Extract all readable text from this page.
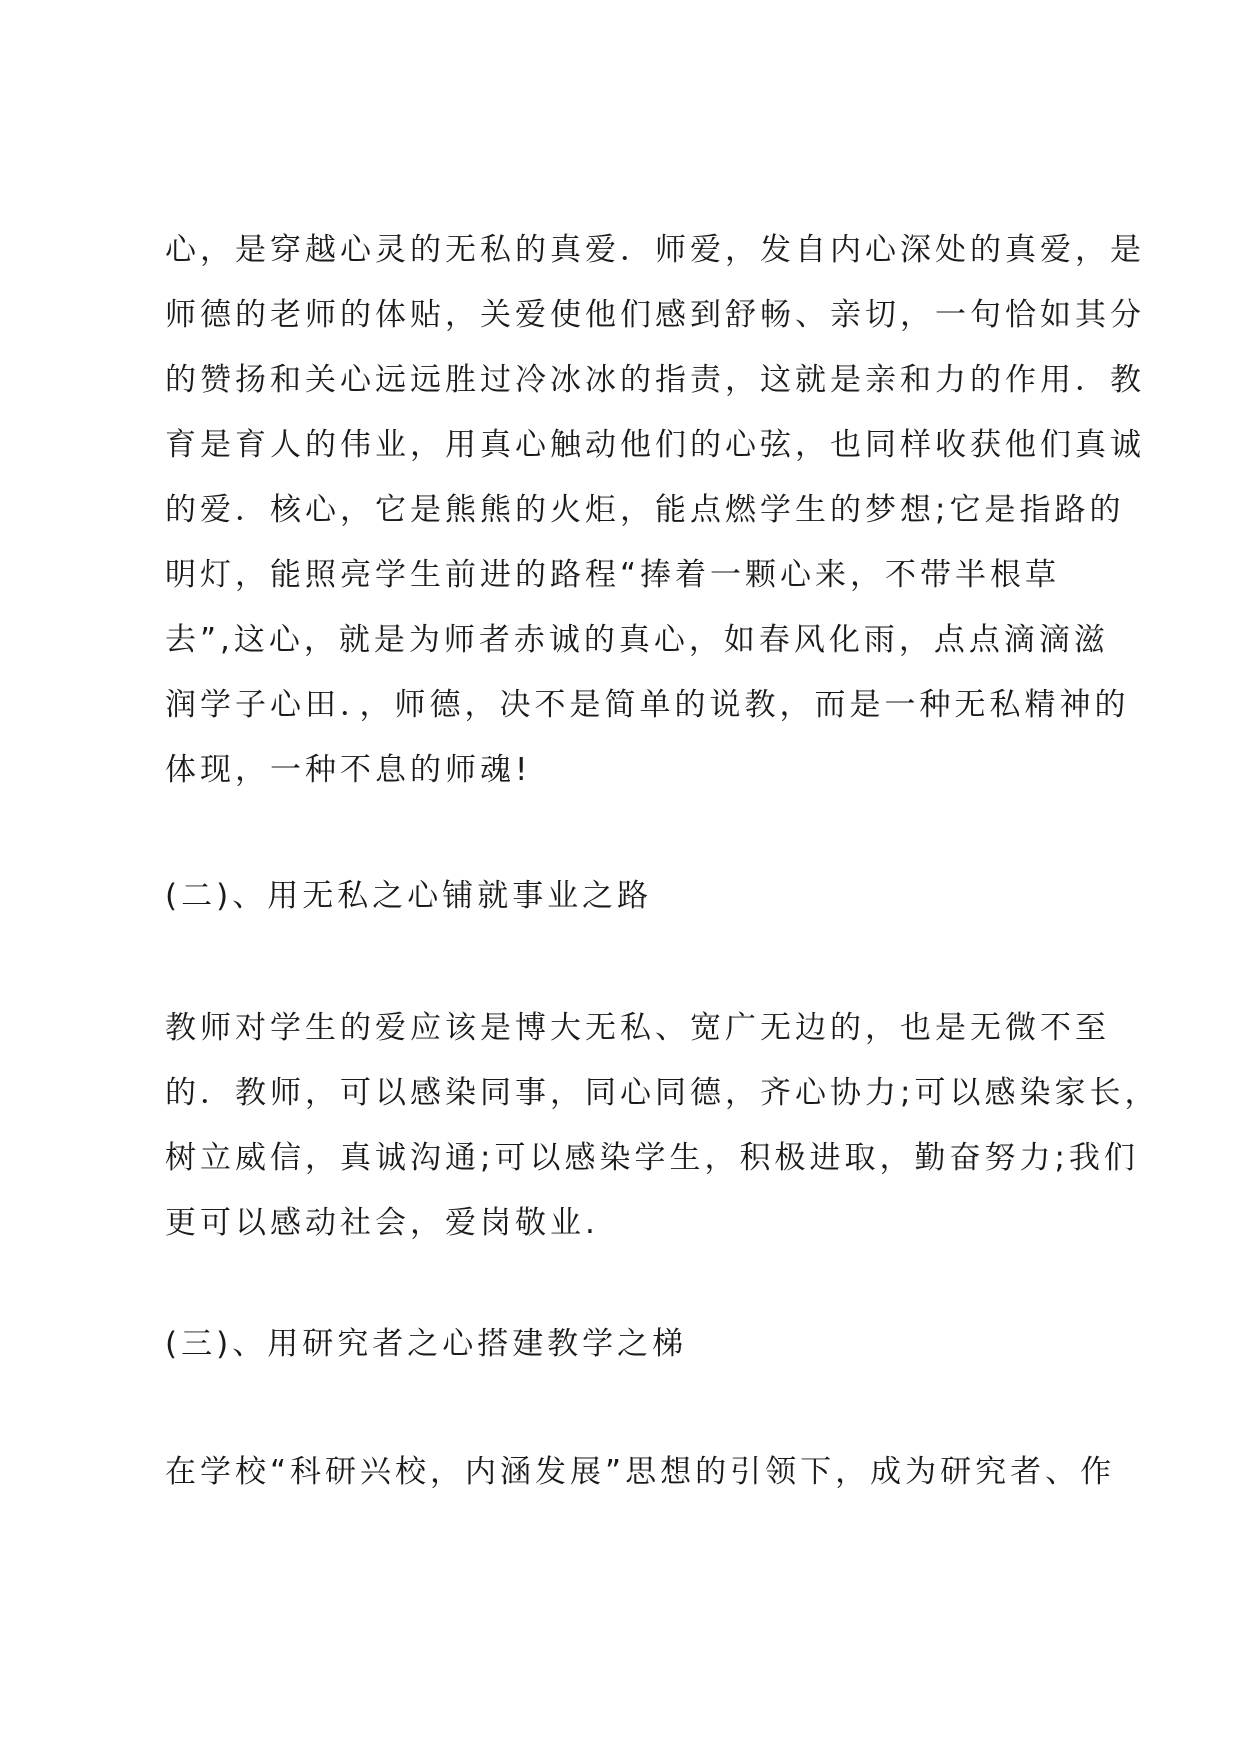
心，是穿越心灵的无私的真爱．师爱，发自内心深处的真爱，是
师德的老师的体贴，关爱使他们感到舒畅、亲切，一句恰如其分
的赞扬和关心远远胜过冷冰冰的指责，这就是亲和力的作用．教
育是育人的伟业，用真心触动他们的心弦，也同样收获他们真诚
的爱．核心，它是熊熊的火炬，能点燃学生的梦想;它是指路的
明灯，能照亮学生前进的路程“捧着一颗心来，不带半根草
去”,这心，就是为师者赤诚的真心，如春风化雨，点点滴滴滋
润学子心田．，师德，决不是简单的说教，而是一种无私精神的
体现，一种不息的师魂!
(二)、用无私之心铺就事业之路
教师对学生的爱应该是博大无私、宽广无边的，也是无微不至
的．教师，可以感染同事，同心同德，齐心协力;可以感染家长，
树立威信，真诚沟通;可以感染学生，积极进取，勤奋努力;我们
更可以感动社会，爱岗敬业.
(三)、用研究者之心搭建教学之梯
在学校“科研兴校，内涵发展”思想的引领下，成为研究者、作
